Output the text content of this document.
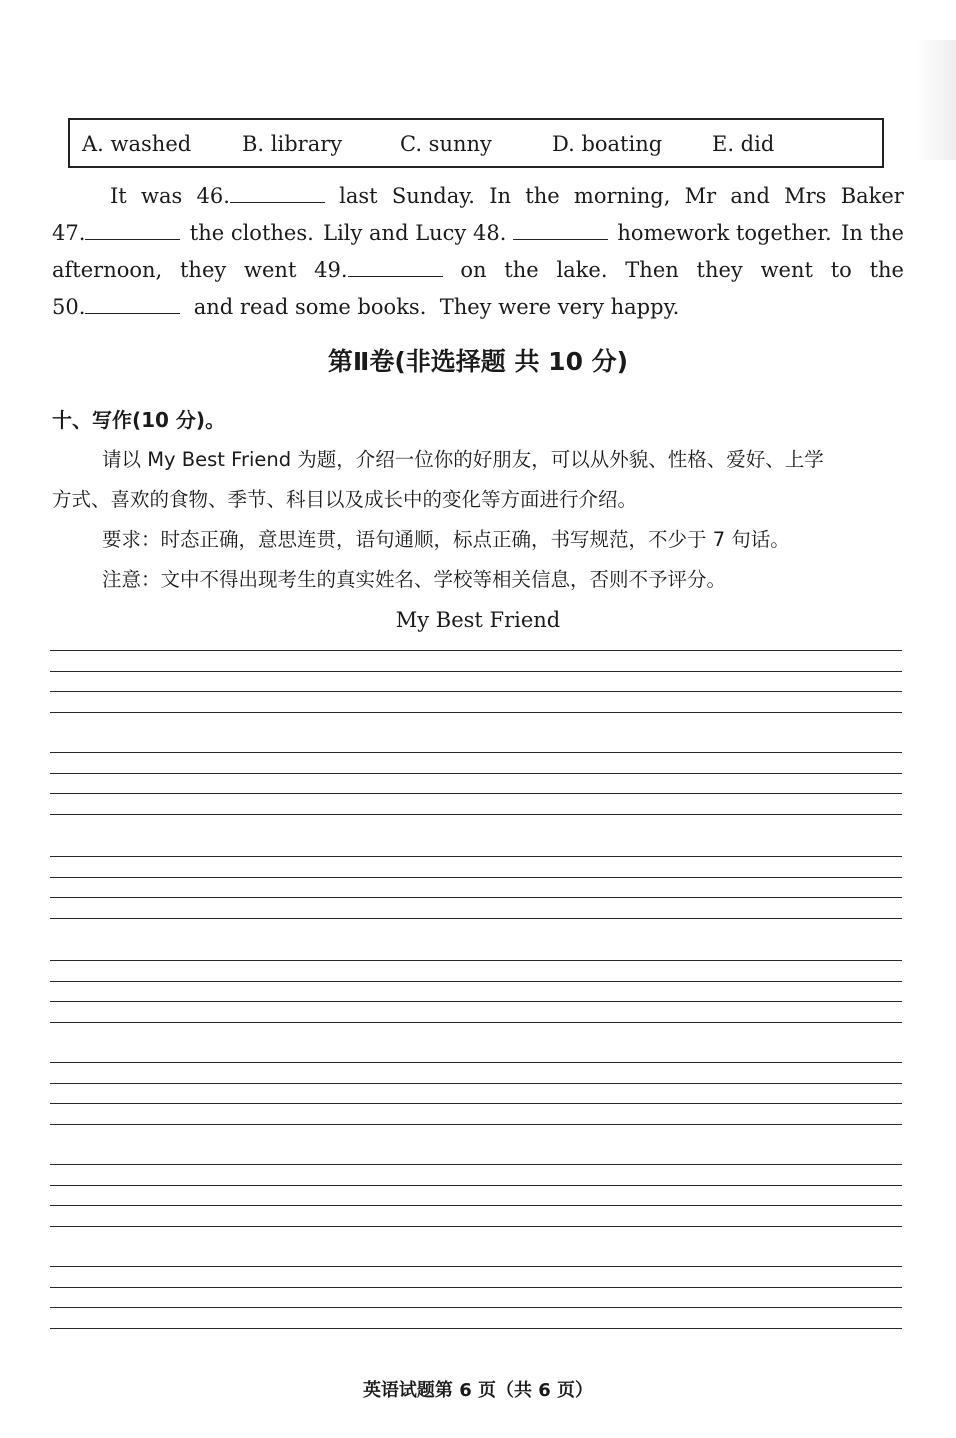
A. washed B. library	C. sunny	D. boating E. did
It was 46.	last Sunday. In the morning, Mr and Mrs Baker
47.	the clothes. Lily and Lucy 48.	homework together. In the
afternoon, they went 49.	on the lake. Then they went to the
50.	and read some books.  They were very happy.
第Ⅱ卷(非选择题 共 10 分)
十、写作(10 分)。
请以 My Best Friend 为题，介绍一位你的好朋友，可以从外貌、性格、爱好、上学
方式、喜欢的食物、季节、科目以及成长中的变化等方面进行介绍。
要求：时态正确，意思连贯，语句通顺，标点正确，书写规范，不少于 7 句话。
注意：文中不得出现考生的真实姓名、学校等相关信息，否则不予评分。
My Best Friend
英语试题第 6 页（共 6 页）
